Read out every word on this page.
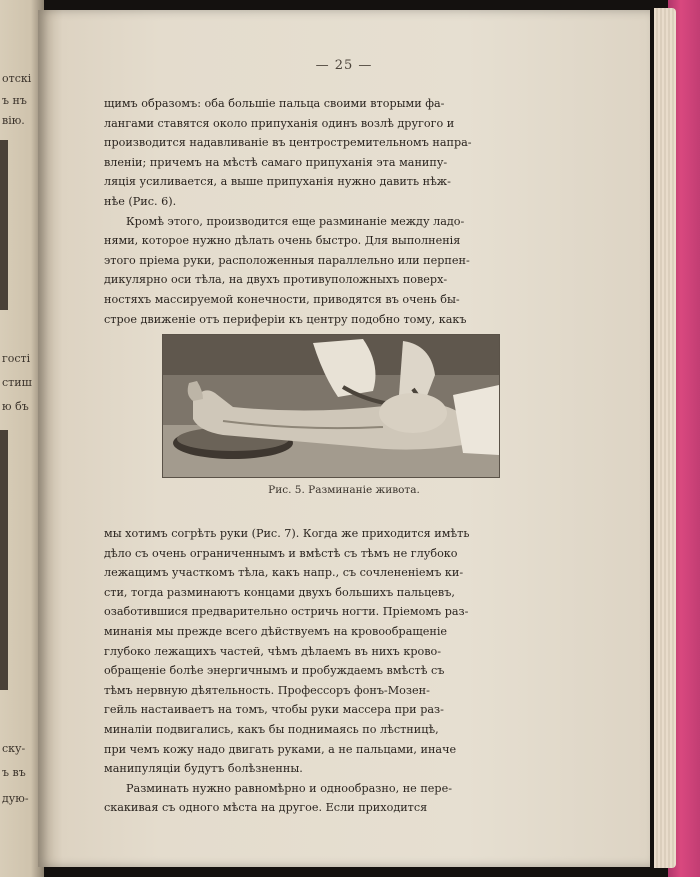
отскі
ъ нъ
вію.
гості
стиш
ю бъ
ску-
ъ въ
дую-
— 25 —

щимъ образомъ: оба большіе пальца своими вторыми фа-
лангами ставятся около припуханія одинъ возлѣ другого и
производится надавливаніе въ центростремительномъ напра-
вленіи; причемъ на мѣстѣ самаго припуханія эта манипу-
ляція усиливается, а выше припуханія нужно давить нѣж-
нѣе (Рис. 6).

Кромѣ этого, производится еще разминаніе между ладо-
нями, которое нужно дѣлать очень быстро. Для выполненія
этого пріема руки, расположенныя параллельно или перпен-
дикулярно оси тѣла, на двухъ противуположныхъ поверх-
ностяхъ массируемой конечности, приводятся въ очень бы-
строе движеніе отъ периферіи къ центру подобно тому, какъ

Рис. 5. Разминаніе живота.

мы хотимъ согрѣть руки (Рис. 7). Когда же приходится имѣть
дѣло съ очень ограниченнымъ и вмѣстѣ съ тѣмъ не глубоко
лежащимъ участкомъ тѣла, какъ напр., съ сочлененіемъ ки-
сти, тогда разминаютъ концами двухъ большихъ пальцевъ,
озаботившися предварительно остричь ногти. Пріемомъ раз-
минанія мы прежде всего дѣйствуемъ на кровообращеніе
глубоко лежащихъ частей, чѣмъ дѣлаемъ въ нихъ крово-
обращеніе болѣе энергичнымъ и пробуждаемъ вмѣстѣ съ
тѣмъ нервную дѣятельность. Профессоръ фонъ-Мозен-
гейль настаиваетъ на томъ, чтобы руки массера при раз-
миналіи подвигались, какъ бы поднимаясь по лѣстницѣ,
при чемъ кожу надо двигать руками, а не пальцами, иначе
манипуляціи будутъ болѣзненны.

Разминать нужно равномѣрно и однообразно, не пере-
скакивая съ одного мѣста на другое. Если приходится
